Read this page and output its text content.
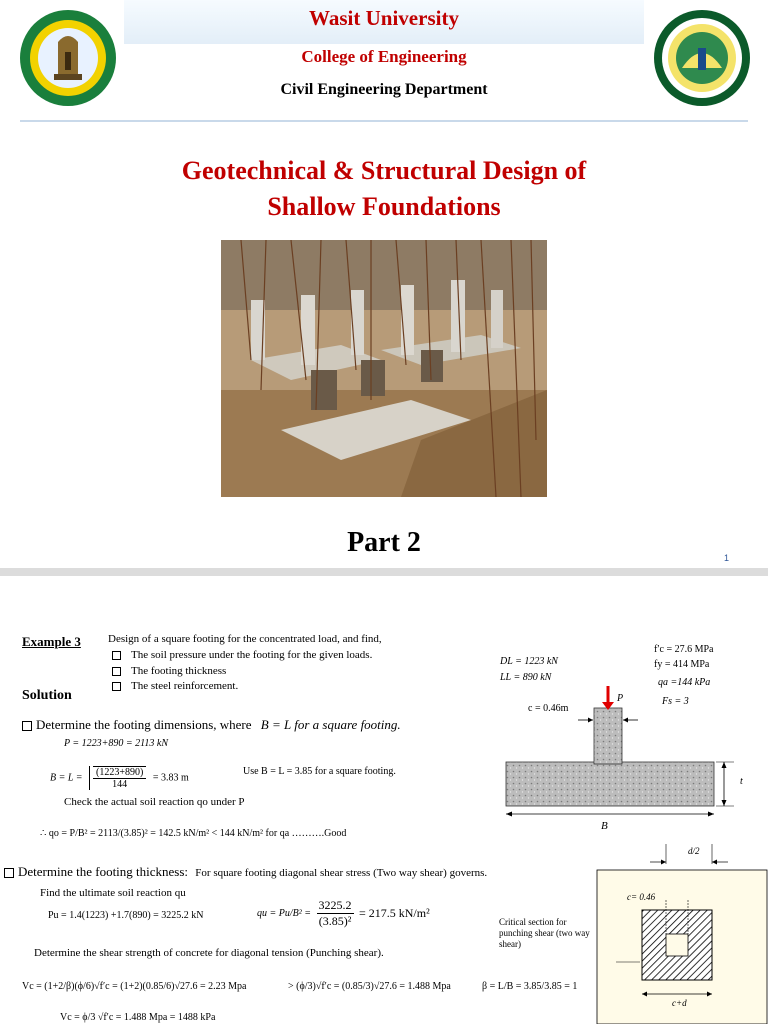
Wasit University
College of Engineering
Civil Engineering Department
Geotechnical & Structural Design of
Shallow Foundations
Part 2	1
Example 3 Design of a square footing for the concentrated load, and find,
The soil pressure under the footing for the given loads.
The footing thickness
The steel reinforcement.
Solution
Determine the footing dimensions, where B = L for a square footing.
P = 1223+890 = 2113 kN
$B = L = \frac{(1223+890)}{144} = 3.83$ m
Use B = L = 3.85 for a square footing.
Check the actual soil reaction qo under P
∴ qo = P/B² = 2113/(3.85)² = 142.5 kN/m² < 144 kN/m² for qa ……….Good
Determine the footing thickness: For square footing diagonal shear stress (Two way shear) governs.
Find the ultimate soil reaction qu
Pu = 1.4(1223) +1.7(890) = 3225.2 kN	qu = $Pu/B^2 = \frac{3225.2}{\text{(3.85)²}} = 217.5$ kN/m²
Determine the shear strength of concrete for diagonal tension (Punching shear).
Vc = (1+2/β)(ϕ/6)√f′c = (1+2)(0.85/6)√27.6 = 2.23 Mpa	> (ϕ/3)√f′c = (0.85/3)√27.6 = 1.488 Mpa	β = L/B = 3.85/3.85 = 1
Vc = ϕ/3 √f′c = 1.488 Mpa = 1488 kPa
DL = 1223 kN
LL = 890 kN
f′c = 27.6 MPa
fy = 414 MPa
qa =144 kPa
Fs = 3
P
c = 0.46m
t
B
d/2
c= 0.46
Critical section for punching shear (two way shear)
c+d
